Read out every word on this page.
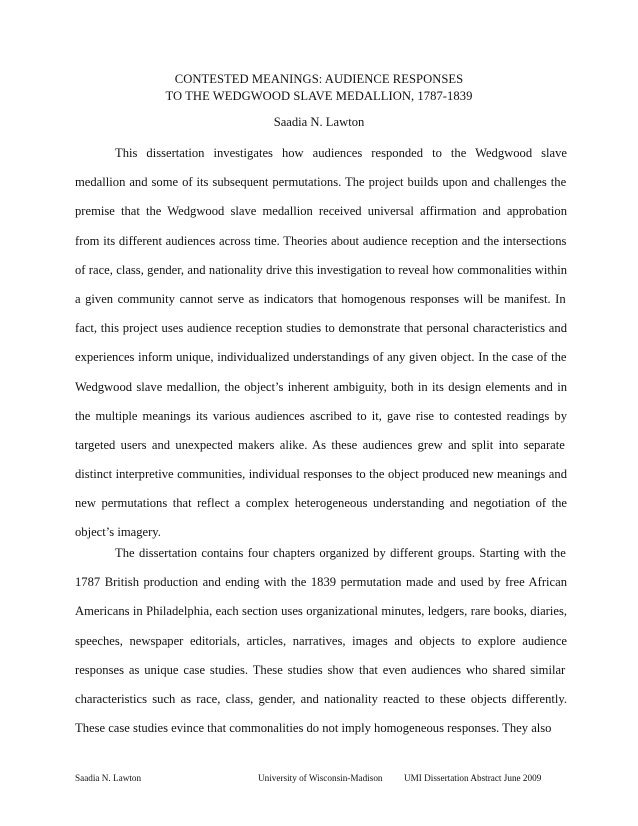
CONTESTED MEANINGS: AUDIENCE RESPONSES
TO THE WEDGWOOD SLAVE MEDALLION, 1787-1839
Saadia N. Lawton
This dissertation investigates how audiences responded to the Wedgwood slave
medallion and some of its subsequent permutations. The project builds upon and challenges the
premise that the Wedgwood slave medallion received universal affirmation and approbation
from its different audiences across time. Theories about audience reception and the intersections
of race, class, gender, and nationality drive this investigation to reveal how commonalities within
a given community cannot serve as indicators that homogenous responses will be manifest. In
fact, this project uses audience reception studies to demonstrate that personal characteristics and
experiences inform unique, individualized understandings of any given object. In the case of the
Wedgwood slave medallion, the object’s inherent ambiguity, both in its design elements and in
the multiple meanings its various audiences ascribed to it, gave rise to contested readings by
targeted users and unexpected makers alike. As these audiences grew and split into separate
distinct interpretive communities, individual responses to the object produced new meanings and
new permutations that reflect a complex heterogeneous understanding and negotiation of the
object’s imagery.
The dissertation contains four chapters organized by different groups. Starting with the
1787 British production and ending with the 1839 permutation made and used by free African
Americans in Philadelphia, each section uses organizational minutes, ledgers, rare books, diaries,
speeches, newspaper editorials, articles, narratives, images and objects to explore audience
responses as unique case studies. These studies show that even audiences who shared similar
characteristics such as race, class, gender, and nationality reacted to these objects differently.
These case studies evince that commonalities do not imply homogeneous responses. They also
Saadia N. Lawton	University of Wisconsin-Madison UMI Dissertation Abstract June 2009
